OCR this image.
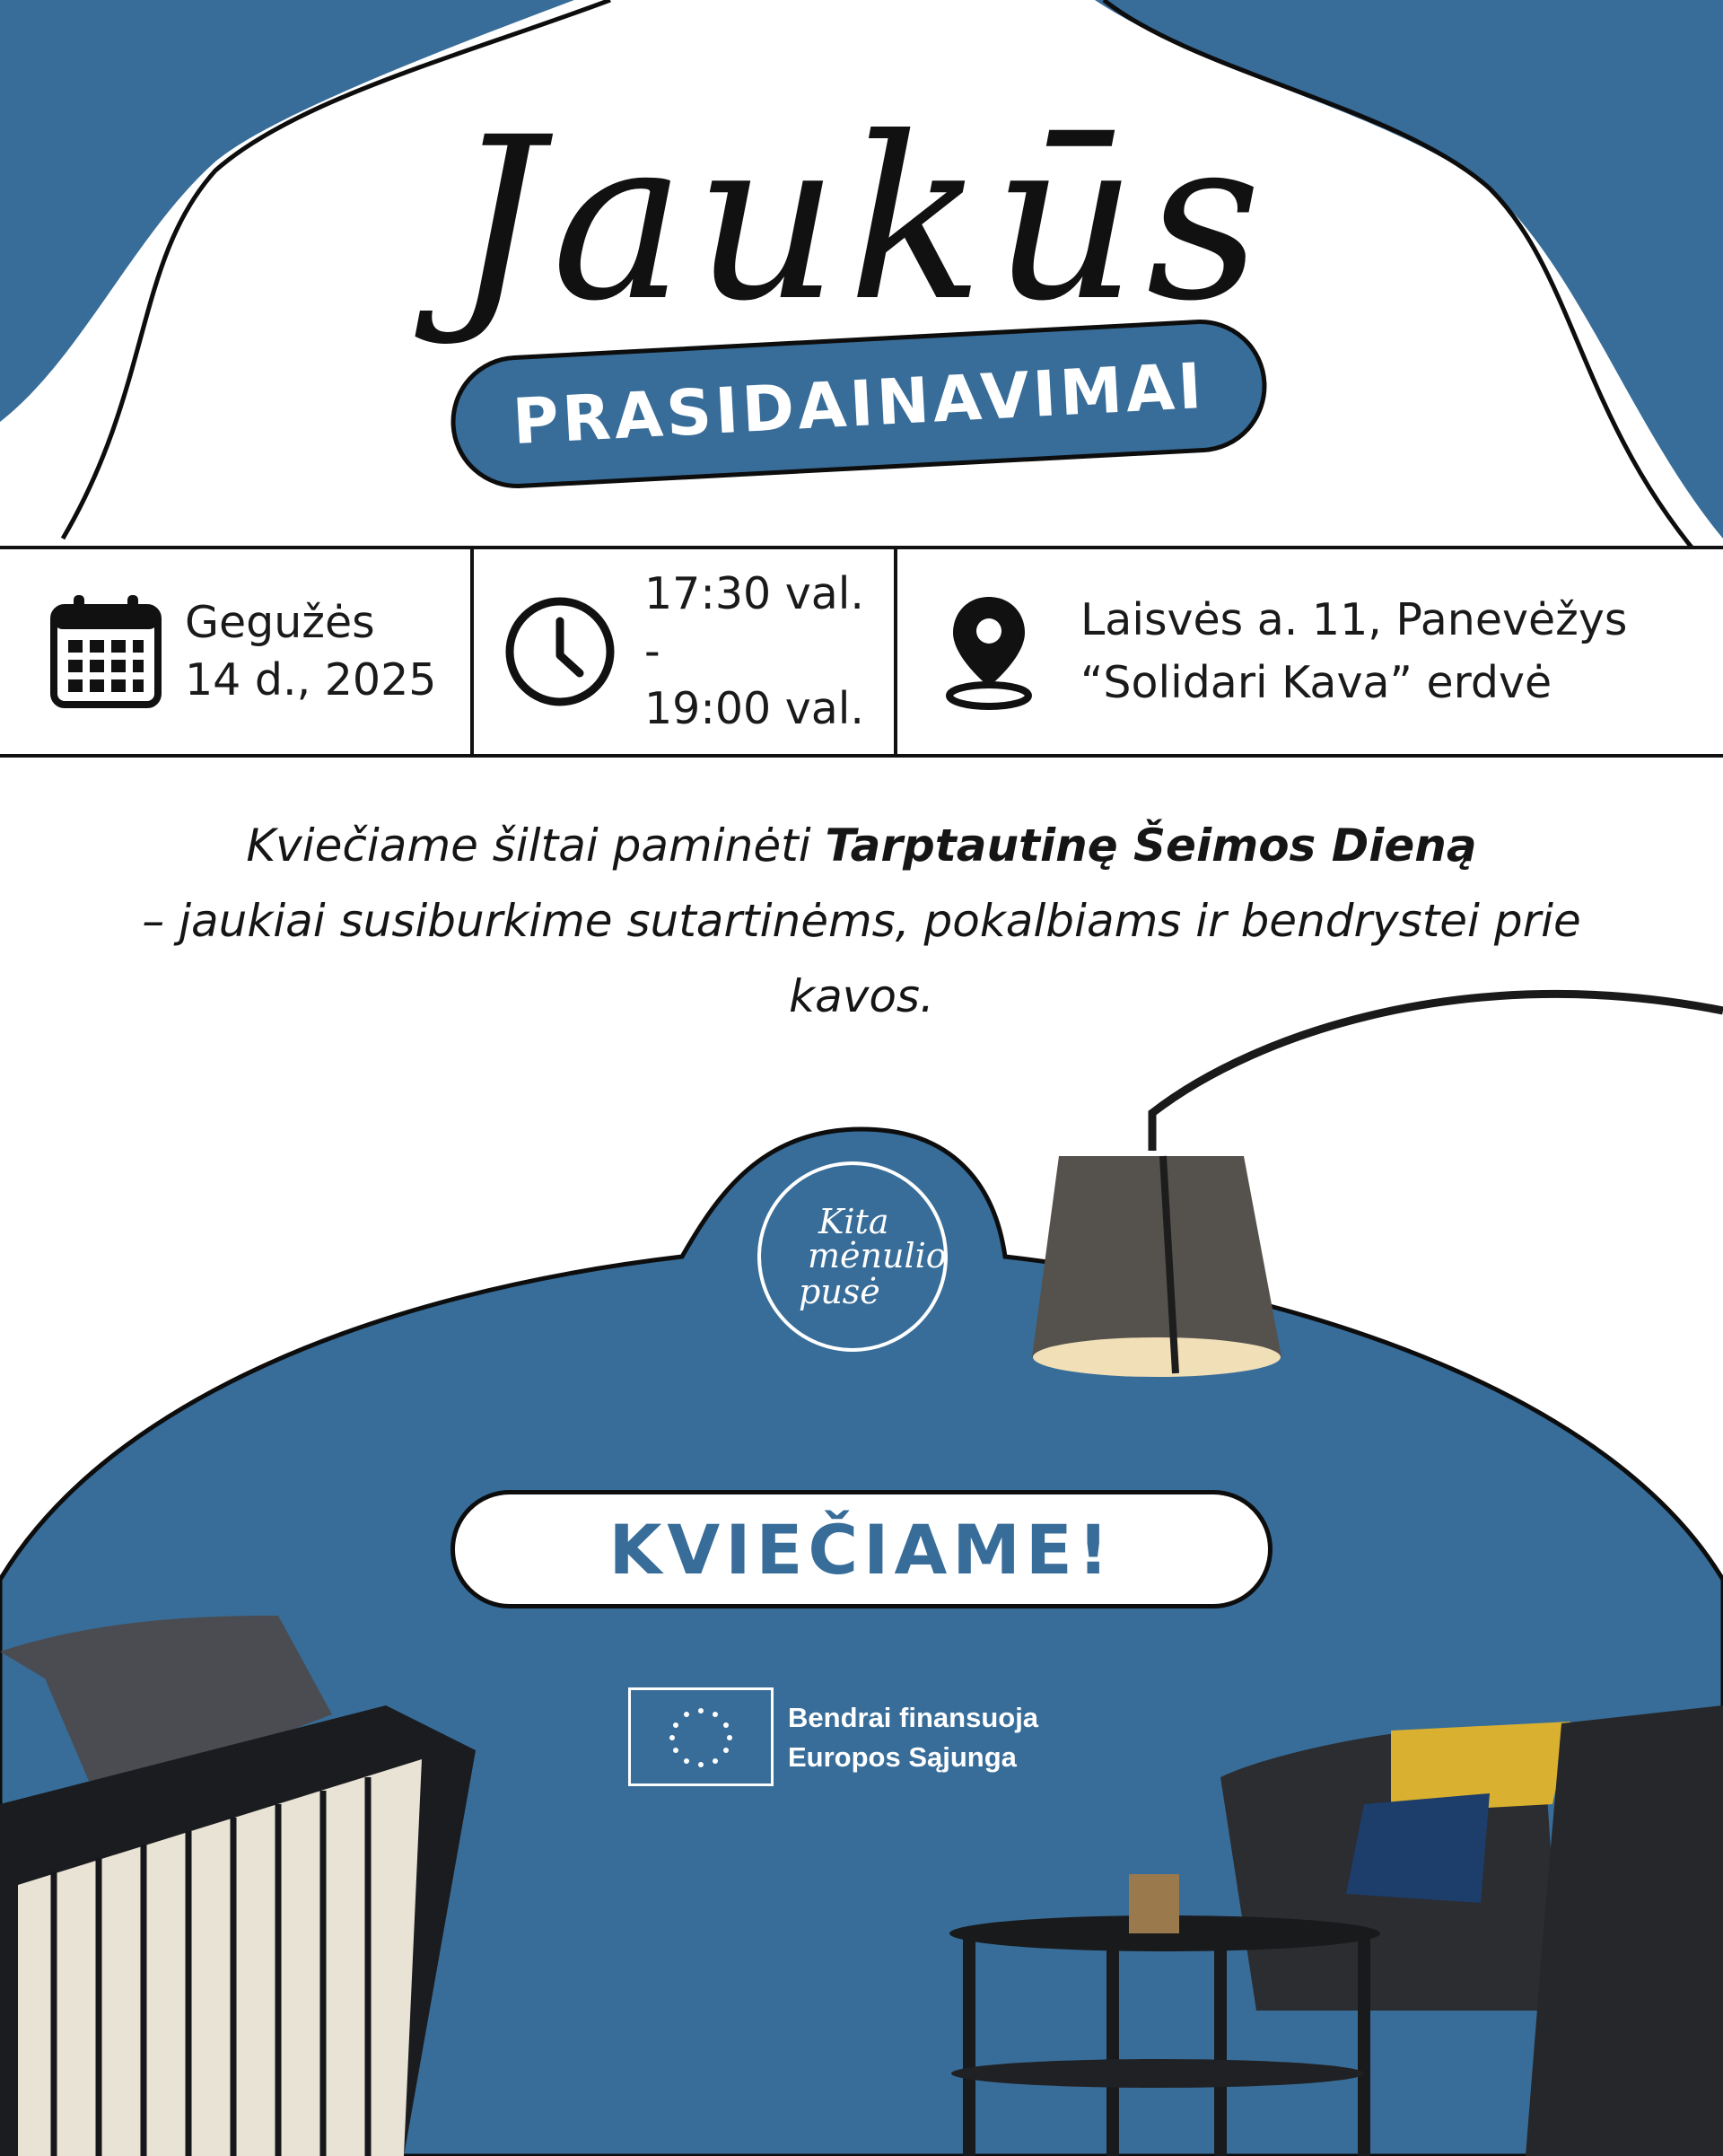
Kita
mėnulio
pusė
Jaukūs
PRASIDAINAVIMAI
Gegužės
14 d., 2025
17:30 val. -
19:00 val.
Laisvės a. 11, Panevėžys
“Solidari Kava” erdvė
Kviečiame šiltai paminėti Tarptautinę Šeimos Dieną
– jaukiai susiburkime sutartinėms, pokalbiams ir bendrystei prie kavos.
KVIEČIAME!
Bendrai finansuoja
Europos Sąjunga
